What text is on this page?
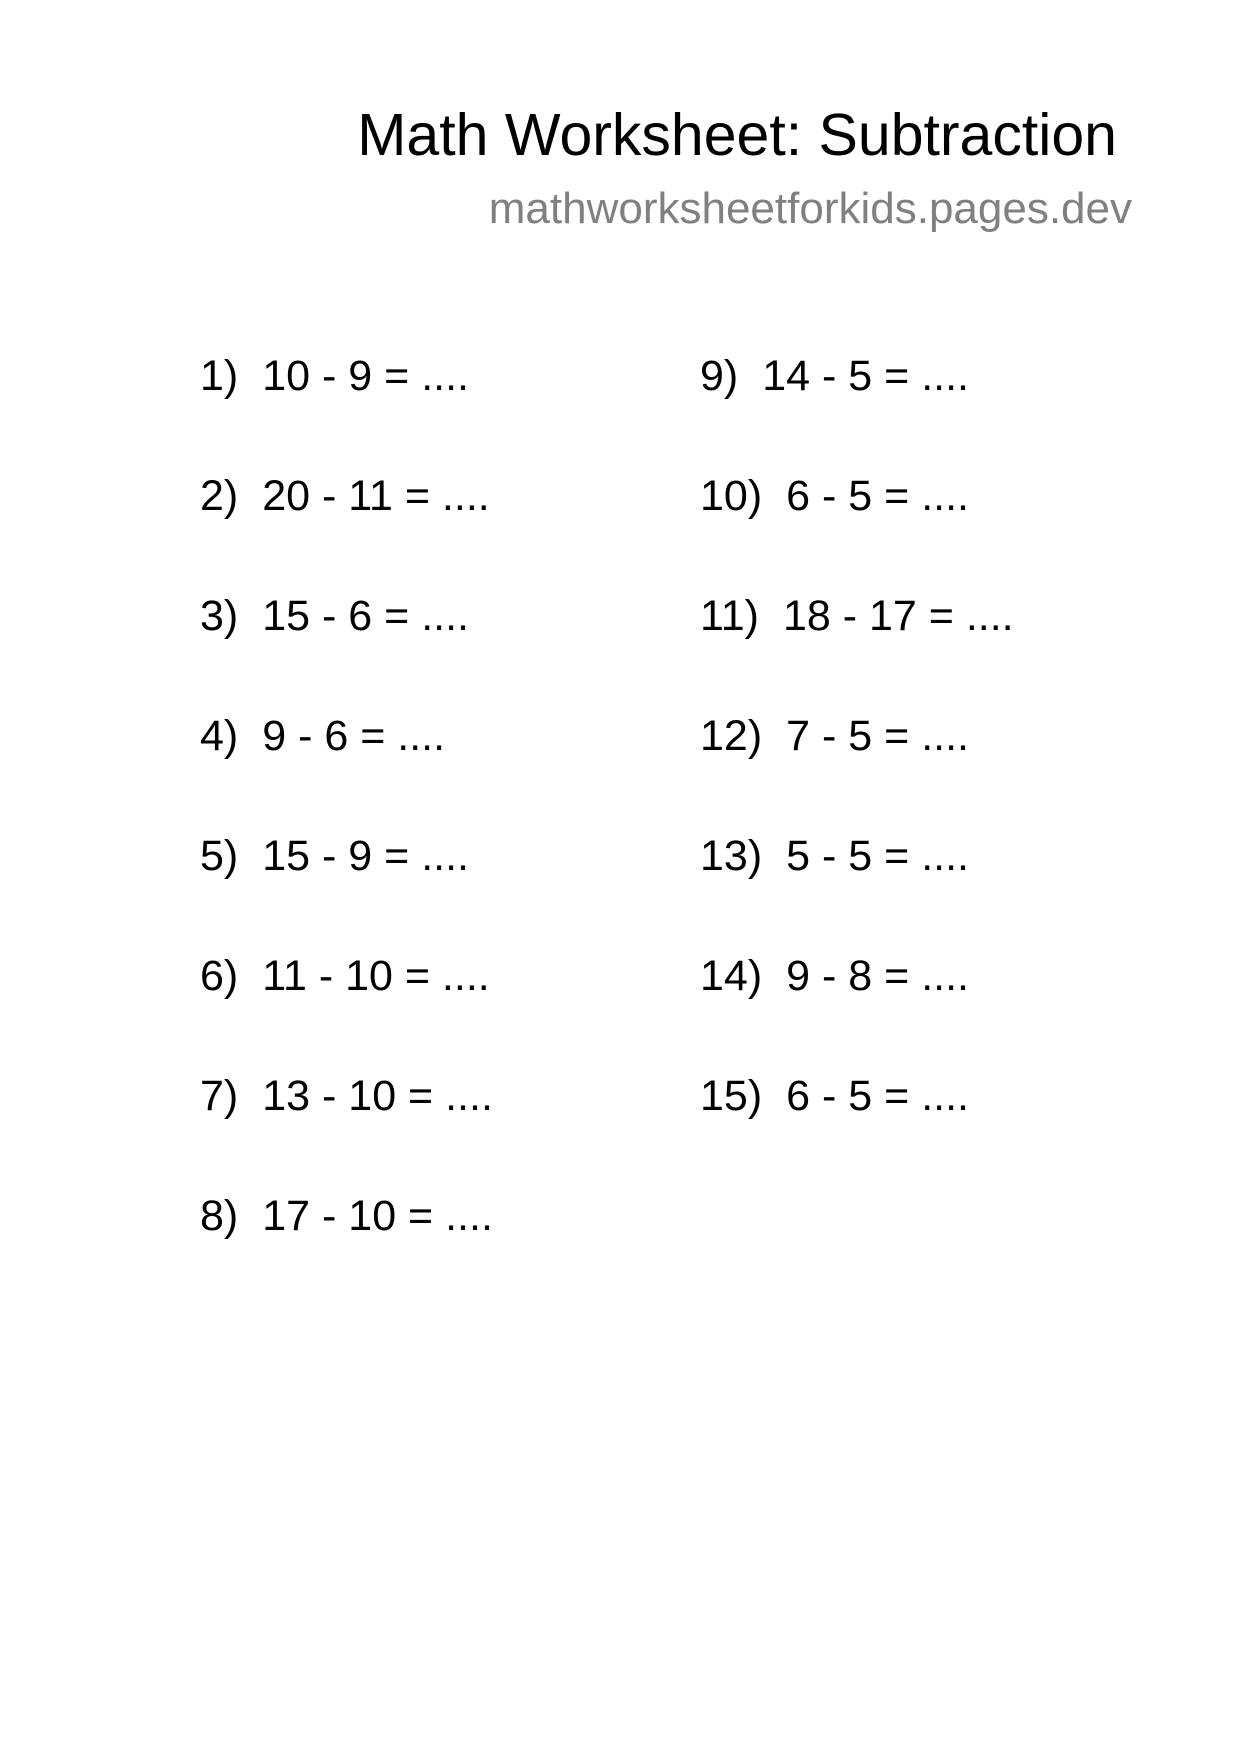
Math Worksheet: Subtraction
mathworksheetforkids.pages.dev
1) 10 - 9 = ....
2) 20 - 11 = ....
3) 15 - 6 = ....
4) 9 - 6 = ....
5) 15 - 9 = ....
6) 11 - 10 = ....
7) 13 - 10 = ....
8) 17 - 10 = ....
9) 14 - 5 = ....
10) 6 - 5 = ....
11) 18 - 17 = ....
12) 7 - 5 = ....
13) 5 - 5 = ....
14) 9 - 8 = ....
15) 6 - 5 = ....
